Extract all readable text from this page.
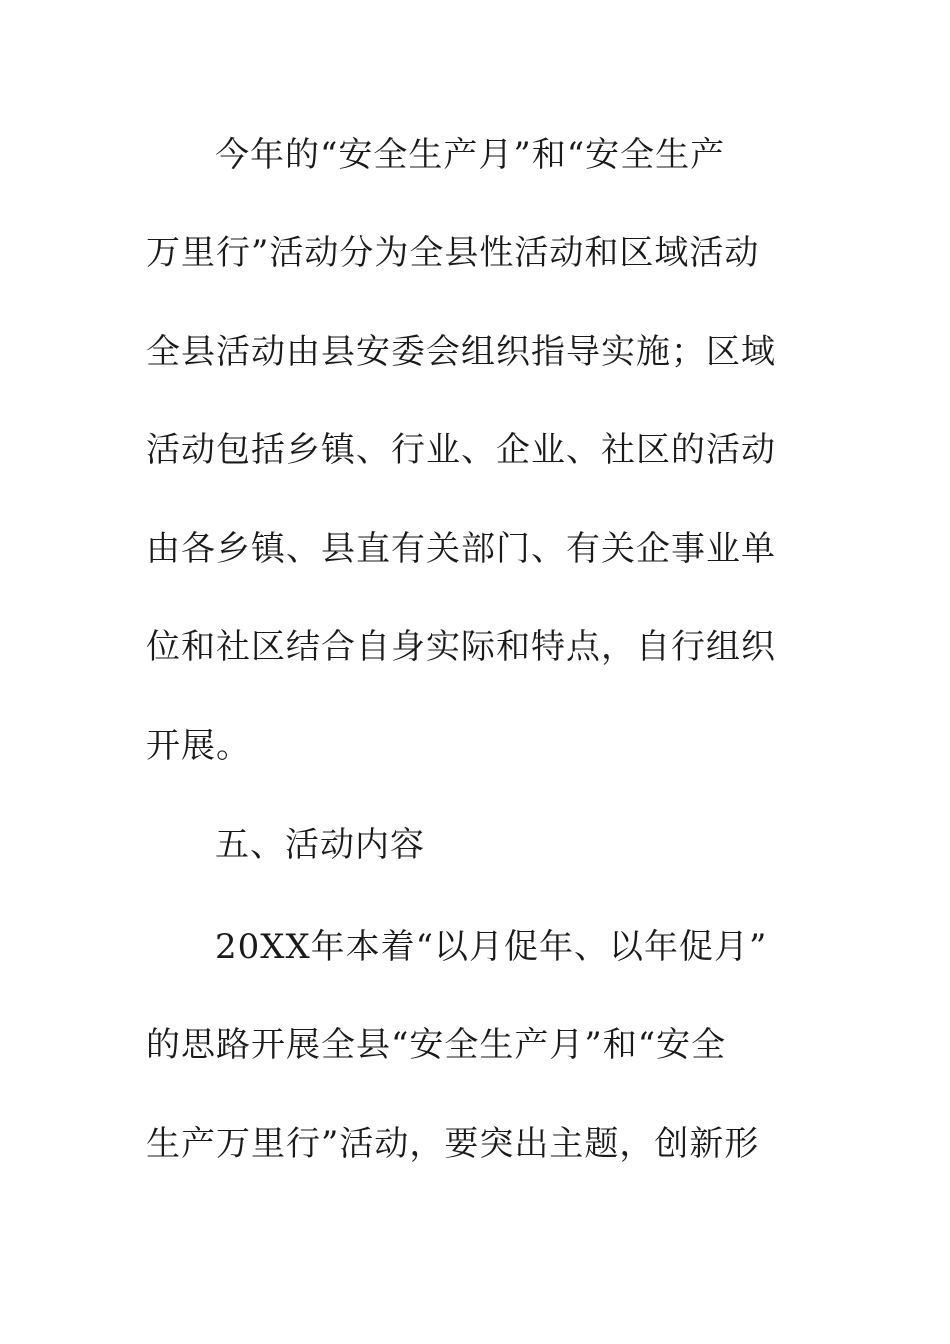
今年的“安全生产月”和“安全生产
万里行”活动分为全县性活动和区域活动
全县活动由县安委会组织指导实施；区域
活动包括乡镇、行业、企业、社区的活动
由各乡镇、县直有关部门、有关企事业单
位和社区结合自身实际和特点，自行组织
开展。
五、活动内容
20XX年本着“以月促年、以年促月”
的思路开展全县“安全生产月”和“安全
生产万里行”活动，要突出主题，创新形
